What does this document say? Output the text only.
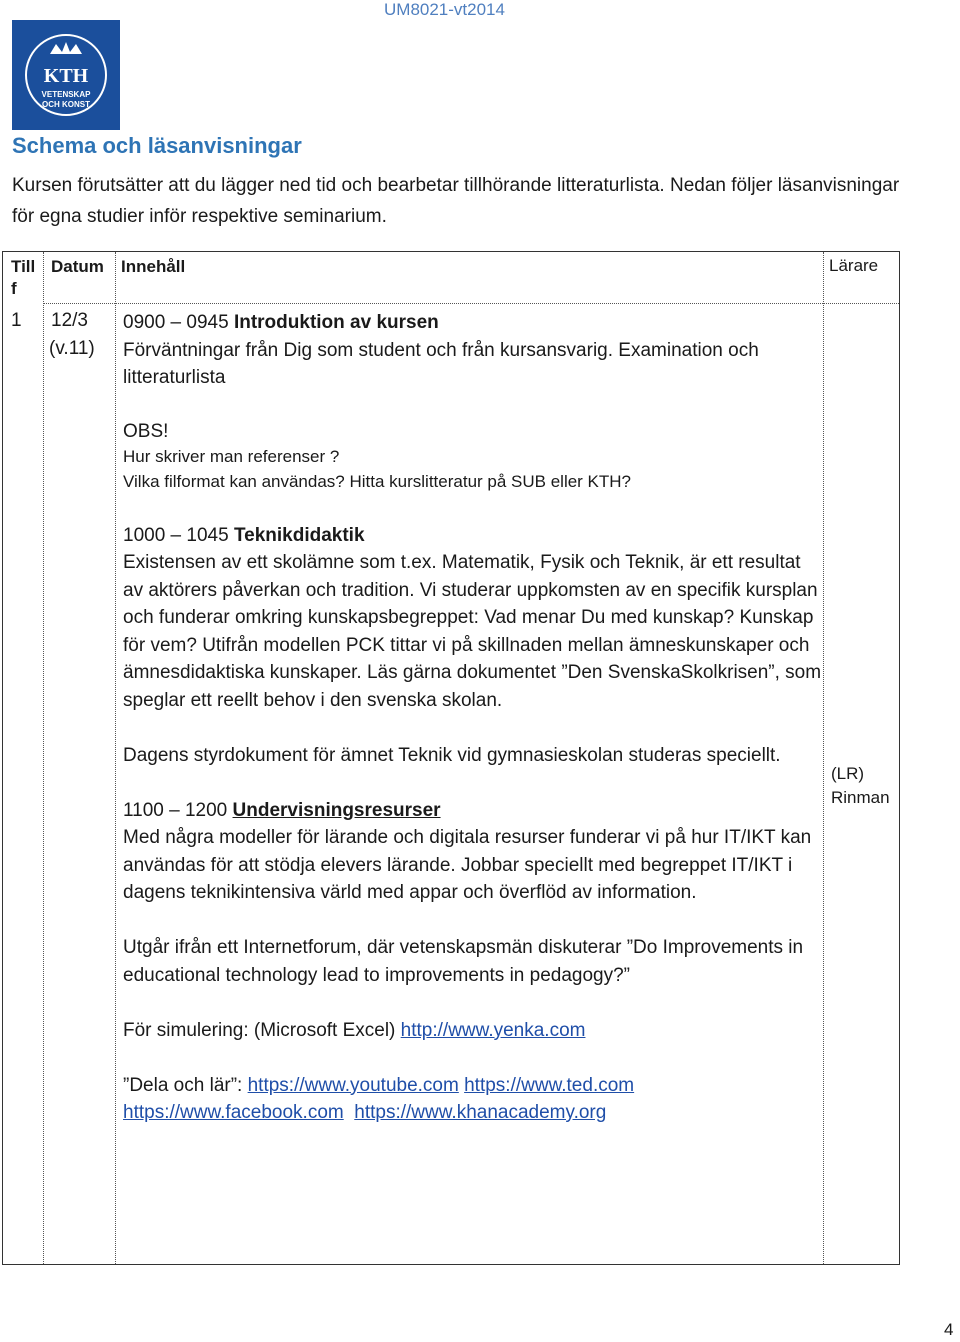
UM8021-vt2014
KTH
VETENSKAP
OCH KONST
Schema och läsanvisningar

Kursen förutsätter att du lägger ned tid och bearbetar tillhörande litteraturlista. Nedan följer läsanvisningar för egna studier inför respektive seminarium.

Till f
Datum Innehåll	Lärare
1 12/3
(v.11)

0900 – 0945 Introduktion av kursen
Förväntningar från Dig som student och från kursansvarig. Examination och litteraturlista

OBS!
Hur skriver man referenser ?
Vilka filformat kan användas? Hitta kurslitteratur på SUB eller KTH?

1000 – 1045 Teknikdidaktik
Existensen av ett skolämne som t.ex. Matematik, Fysik och Teknik, är ett resultat av aktörers påverkan och tradition. Vi studerar uppkomsten av en specifik kursplan och funderar omkring kunskapsbegreppet: Vad menar Du med kunskap? Kunskap för vem? Utifrån modellen PCK tittar vi på skillnaden mellan ämneskunskaper och ämnesdidaktiska kunskaper. Läs gärna dokumentet ”Den SvenskaSkolkrisen”, som speglar ett reellt behov i den svenska skolan.

Dagens styrdokument för ämnet Teknik vid gymnasieskolan studeras speciellt.

1100 – 1200 Undervisningsresurser
Med några modeller för lärande och digitala resurser funderar vi på hur IT/IKT kan användas för att stödja elevers lärande. Jobbar speciellt med begreppet IT/IKT i dagens teknikintensiva värld med appar och överflöd av information.

Utgår ifrån ett Internetforum, där vetenskapsmän diskuterar ”Do Improvements in educational technology lead to improvements in pedagogy?”

För simulering: (Microsoft Excel) http://www.yenka.com

”Dela och lär”: https://www.youtube.com https://www.ted.com
https://www.facebook.com https://www.khanacademy.org

(LR)
Rinman
4
